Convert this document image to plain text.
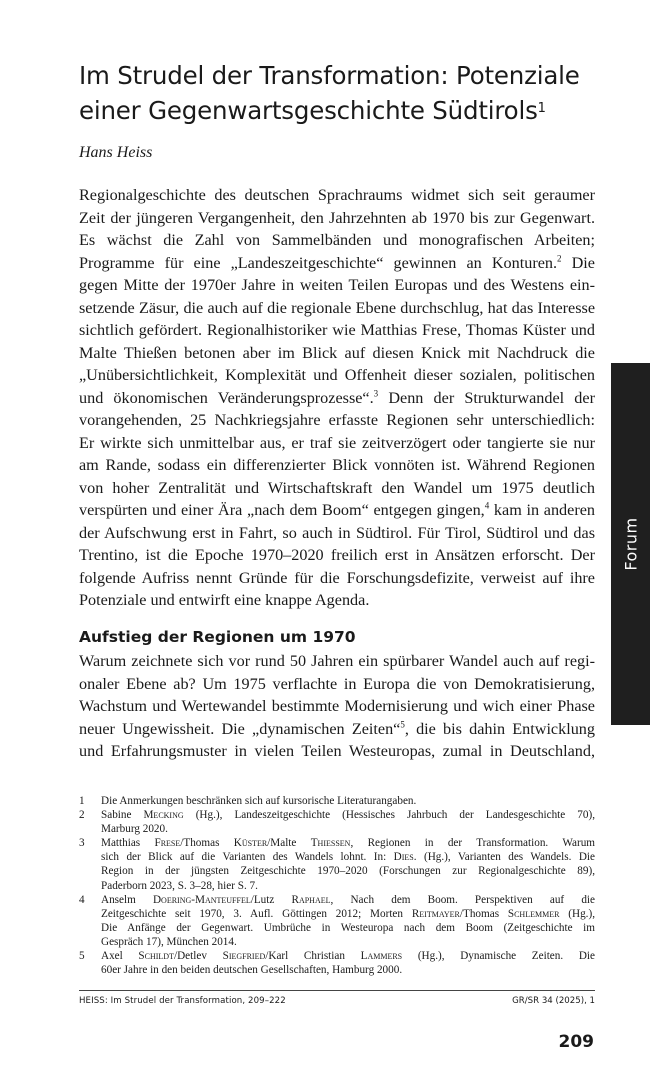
Im Strudel der Transformation: Potenziale
einer Gegenwartsgeschichte Südtirols$^1$
Hans Heiss
Regionalgeschichte des deutschen Sprachraums widmet sich seit geraumer
Zeit der jüngeren Vergangenheit, den Jahrzehnten ab 1970 bis zur Gegenwart.
Es wächst die Zahl von Sammelbänden und monografischen Arbeiten;
Programme für eine „Landeszeitgeschichte“ gewinnen an Konturen.$^2$ Die
gegen Mitte der 1970er Jahre in weiten Teilen Europas und des Westens ein-
setzende Zäsur, die auch auf die regionale Ebene durchschlug, hat das Interesse
sichtlich gefördert. Regionalhistoriker wie Matthias Frese, Thomas Küster und
Malte Thießen betonen aber im Blick auf diesen Knick mit Nachdruck die
„Unübersichtlichkeit, Komplexität und Offenheit dieser sozialen, politischen
und ökonomischen Veränderungsprozesse“.$^3$ Denn der Strukturwandel der
vorangehenden, 25 Nachkriegsjahre erfasste Regionen sehr unterschiedlich:
Er wirkte sich unmittelbar aus, er traf sie zeitverzögert oder tangierte sie nur
am Rande, sodass ein differenzierter Blick vonnöten ist. Während Regionen
von hoher Zentralität und Wirtschaftskraft den Wandel um 1975 deutlich
verspürten und einer Ära „nach dem Boom“ entgegen gingen,$^4$ kam in anderen
der Aufschwung erst in Fahrt, so auch in Südtirol. Für Tirol, Südtirol und das
Trentino, ist die Epoche 1970–2020 freilich erst in Ansätzen erforscht. Der
folgende Aufriss nennt Gründe für die Forschungsdefizite, verweist auf ihre
Potenziale und entwirft eine knappe Agenda.
Aufstieg der Regionen um 1970
Warum zeichnete sich vor rund 50 Jahren ein spürbarer Wandel auch auf regi-
onaler Ebene ab? Um 1975 verflachte in Europa die von Demokratisierung,
Wachstum und Wertewandel bestimmte Modernisierung und wich einer Phase
neuer Ungewissheit. Die „dynamischen Zeiten“$^5$, die bis dahin Entwicklung
und Erfahrungsmuster in vielen Teilen Westeuropas, zumal in Deutschland,
1	Die Anmerkungen beschränken sich auf kursorische Literaturangaben.
2	Sabine Mecking (Hg.), Landeszeitgeschichte (Hessisches Jahrbuch der Landesgeschichte 70),
Marburg 2020.
3	Matthias Frese/Thomas Küster/Malte Thiessen, Regionen in der Transformation. Warum
sich der Blick auf die Varianten des Wandels lohnt. In: Dies. (Hg.), Varianten des Wandels. Die
Region in der jüngsten Zeitgeschichte 1970–2020 (Forschungen zur Regionalgeschichte 89),
Paderborn 2023, S. 3–28, hier S. 7.
4	Anselm Doering-Manteuffel/Lutz Raphael, Nach dem Boom. Perspektiven auf die
Zeitgeschichte seit 1970, 3. Aufl. Göttingen 2012; Morten Reitmayer/Thomas Schlemmer (Hg.),
Die Anfänge der Gegenwart. Umbrüche in Westeuropa nach dem Boom (Zeitgeschichte im
Gespräch 17), München 2014.
5	Axel Schildt/Detlev Siegfried/Karl Christian Lammers (Hg.), Dynamische Zeiten. Die
60er Jahre in den beiden deutschen Gesellschaften, Hamburg 2000.
HEISS: Im Strudel der Transformation, 209–222	GR/SR 34 (2025), 1
209
Forum
